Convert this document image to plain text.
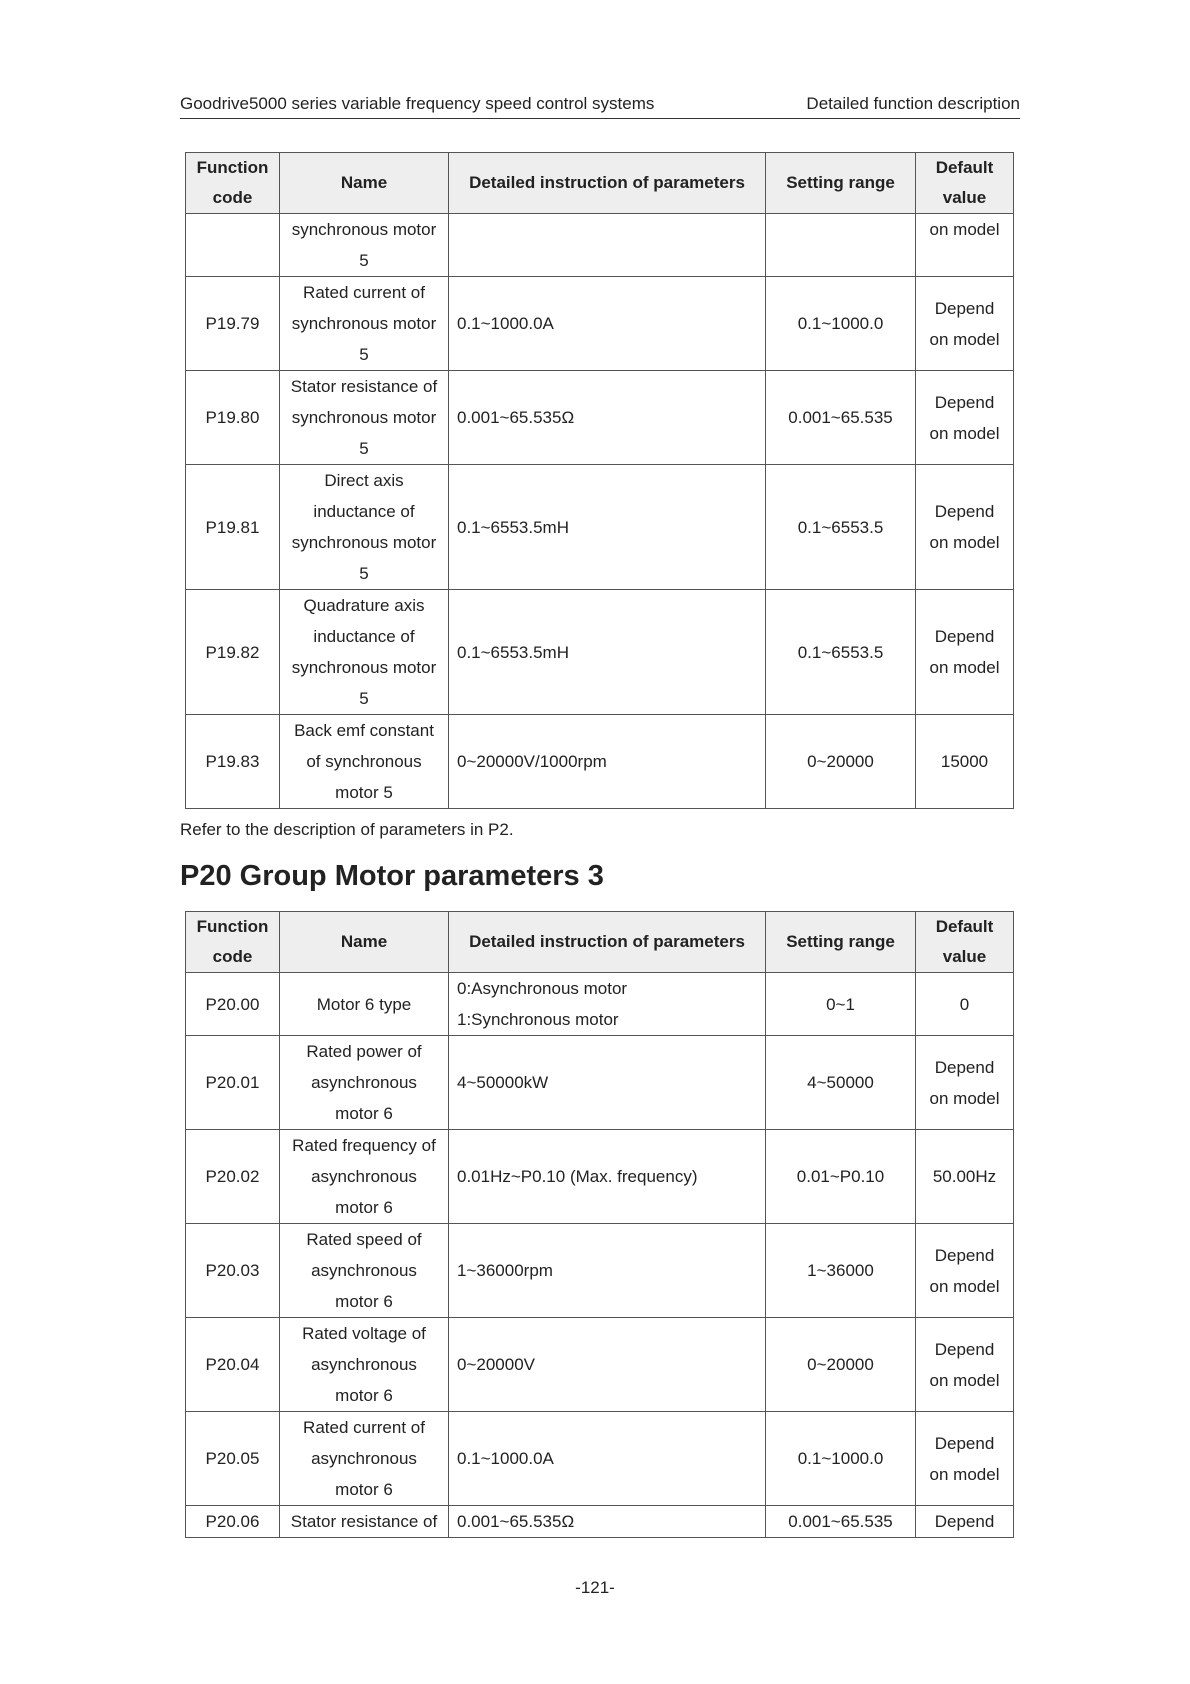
Goodrive5000 series variable frequency speed control systems	Detailed function description
Function
code	Name	Detailed instruction of parameters	Setting range	Default
value

	synchronous motor
5			on model

P19.79	Rated current of
synchronous motor
5	0.1~1000.0A	0.1~1000.0	Depend
on model

P19.80	Stator resistance of
synchronous motor
5	0.001~65.535Ω	0.001~65.535	Depend
on model

P19.81	Direct axis
inductance of
synchronous motor
5	0.1~6553.5mH	0.1~6553.5	Depend
on model

P19.82	Quadrature axis
inductance of
synchronous motor
5	0.1~6553.5mH	0.1~6553.5	Depend
on model

P19.83	Back emf constant
of synchronous
motor 5	0~20000V/1000rpm	0~20000	15000
Refer to the description of parameters in P2.
P20 Group Motor parameters 3
Function
code	Name	Detailed instruction of parameters	Setting range	Default
value

P20.00	Motor 6 type	0:Asynchronous motor
1:Synchronous motor	0~1	0

P20.01	Rated power of
asynchronous
motor 6	4~50000kW	4~50000	Depend
on model

P20.02	Rated frequency of
asynchronous
motor 6	0.01Hz~P0.10 (Max. frequency)	0.01~P0.10	50.00Hz

P20.03	Rated speed of
asynchronous
motor 6	1~36000rpm	1~36000	Depend
on model

P20.04	Rated voltage of
asynchronous
motor 6	0~20000V	0~20000	Depend
on model

P20.05	Rated current of
asynchronous
motor 6	0.1~1000.0A	0.1~1000.0	Depend
on model

P20.06	Stator resistance of	0.001~65.535Ω	0.001~65.535	Depend
-121-
